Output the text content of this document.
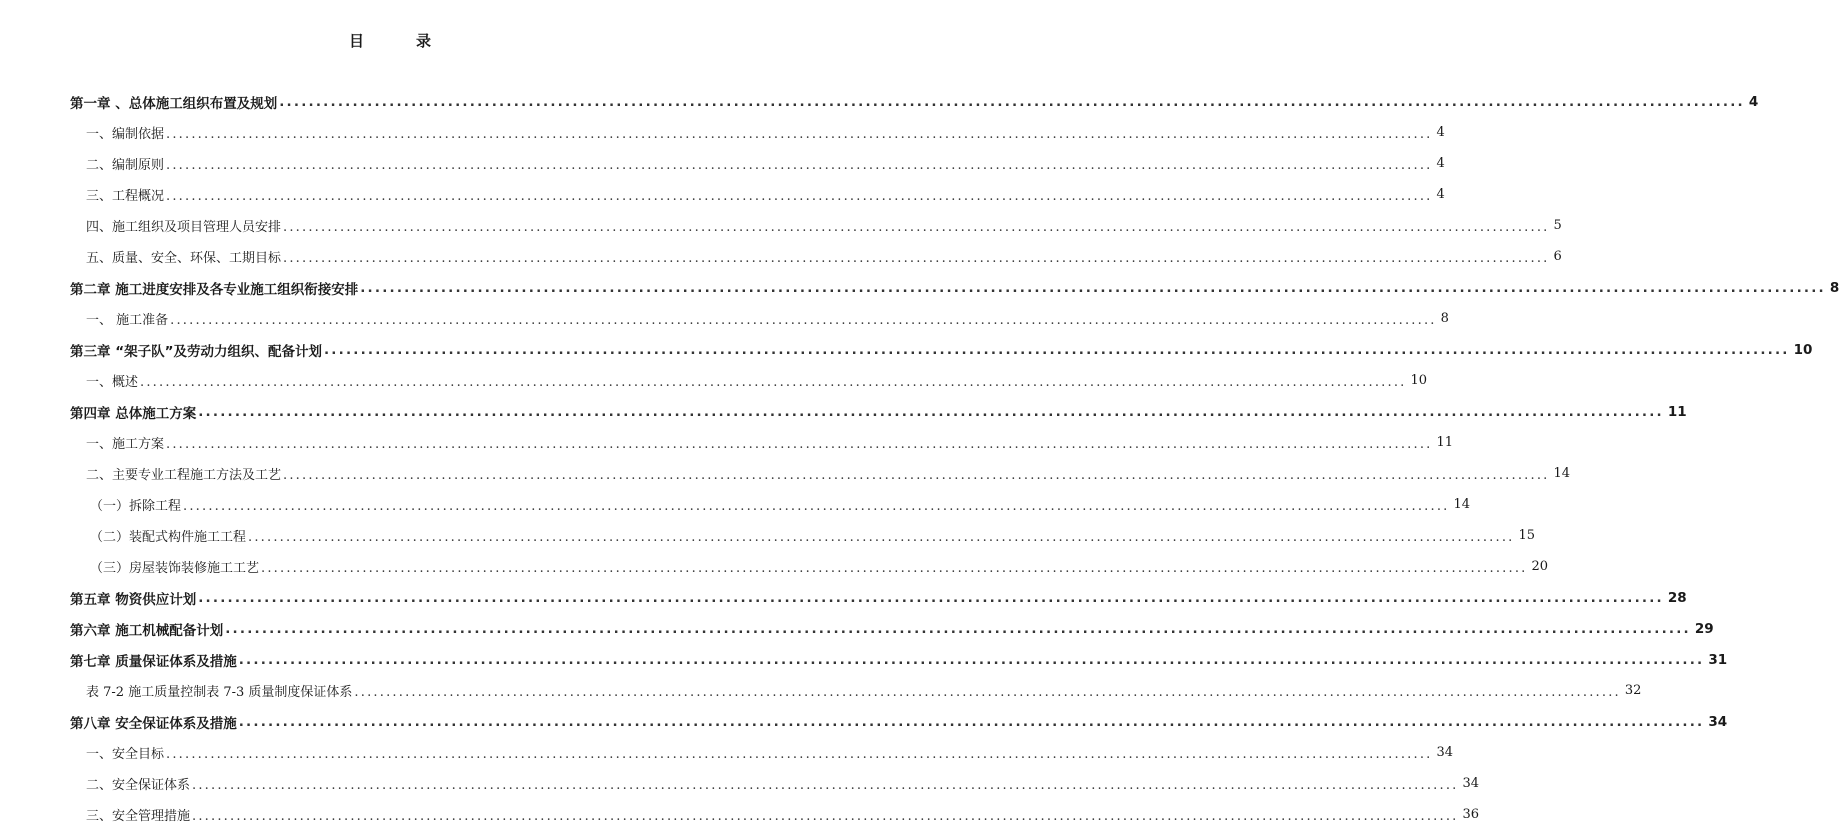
目	录
第一章 、总体施工组织布置及规划 ........................................................................................................................................................................................................ 4
一、编制依据 ........................................................................................................................................................................................................ 4
二、编制原则 ........................................................................................................................................................................................................ 4
三、工程概况 ........................................................................................................................................................................................................ 4
四、施工组织及项目管理人员安排 ........................................................................................................................................................................................................ 5
五、质量、安全、环保、工期目标 ........................................................................................................................................................................................................ 6
第二章 施工进度安排及各专业施工组织衔接安排 ........................................................................................................................................................................................................ 8
一、 施工准备 ........................................................................................................................................................................................................ 8
第三章 “架子队”及劳动力组织、配备计划 ........................................................................................................................................................................................................ 10
一、概述 ........................................................................................................................................................................................................ 10
第四章 总体施工方案 ........................................................................................................................................................................................................ 11
一、施工方案 ........................................................................................................................................................................................................ 11
二、主要专业工程施工方法及工艺 ........................................................................................................................................................................................................ 14
（一）拆除工程 ........................................................................................................................................................................................................ 14
（二）装配式构件施工工程 ........................................................................................................................................................................................................ 15
（三）房屋装饰装修施工工艺 ........................................................................................................................................................................................................ 20
第五章 物资供应计划 ........................................................................................................................................................................................................ 28
第六章 施工机械配备计划 ........................................................................................................................................................................................................ 29
第七章 质量保证体系及措施 ........................................................................................................................................................................................................ 31
表 7-2 施工质量控制表 7-3 质量制度保证体系 ........................................................................................................................................................................................................ 32
第八章 安全保证体系及措施 ........................................................................................................................................................................................................ 34
一、安全目标 ........................................................................................................................................................................................................ 34
二、安全保证体系 ........................................................................................................................................................................................................ 34
三、安全管理措施 ........................................................................................................................................................................................................ 36
